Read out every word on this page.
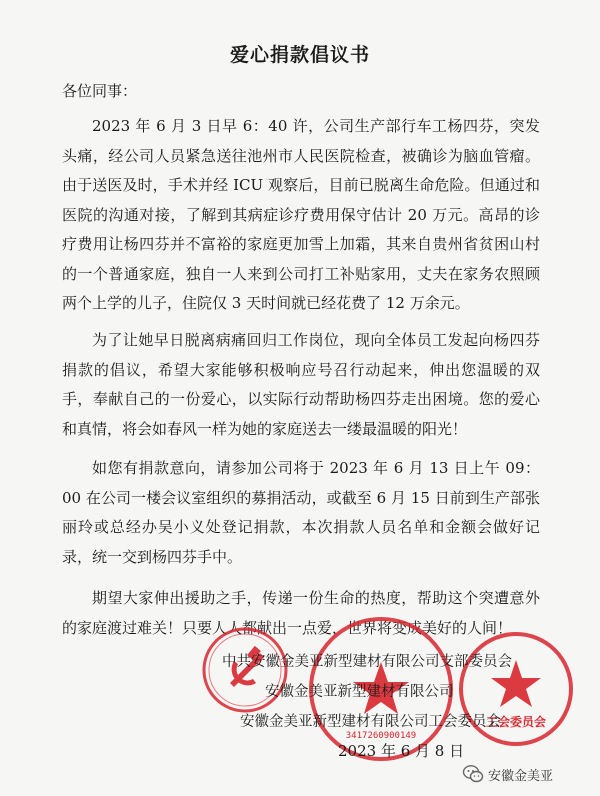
爱心捐款倡议书
各位同事：

2023 年 6 月 3 日早 6：40 许，公司生产部行车工杨四芬，突发头痛，经公司人员紧急送往池州市人民医院检查，被确诊为脑血管瘤。由于送医及时，手术并经 ICU 观察后，目前已脱离生命危险。但通过和医院的沟通对接，了解到其病症诊疗费用保守估计 20 万元。高昂的诊疗费用让杨四芬并不富裕的家庭更加雪上加霜，其来自贵州省贫困山村的一个普通家庭，独自一人来到公司打工补贴家用，丈夫在家务农照顾两个上学的儿子，住院仅 3 天时间就已经花费了 12 万余元。

为了让她早日脱离病痛回归工作岗位，现向全体员工发起向杨四芬捐款的倡议，希望大家能够积极响应号召行动起来，伸出您温暖的双手，奉献自己的一份爱心，以实际行动帮助杨四芬走出困境。您的爱心和真情，将会如春风一样为她的家庭送去一缕最温暖的阳光！

如您有捐款意向，请参加公司将于 2023 年 6 月 13 日上午 09：00 在公司一楼会议室组织的募捐活动，或截至 6 月 15 日前到生产部张丽玲或总经办吴小义处登记捐款，本次捐款人员名单和金额会做好记录，统一交到杨四芬手中。

期望大家伸出援助之手，传递一份生命的热度，帮助这个突遭意外的家庭渡过难关！只要人人都献出一点爱，世界将变成美好的人间！

3417260900149
工会委员会
中共安徽金美亚新型建材有限公司支部委员会
安徽金美亚新型建材有限公司
安徽金美亚新型建材有限公司工会委员会
2023 年 6 月 8 日
安徽金美亚
